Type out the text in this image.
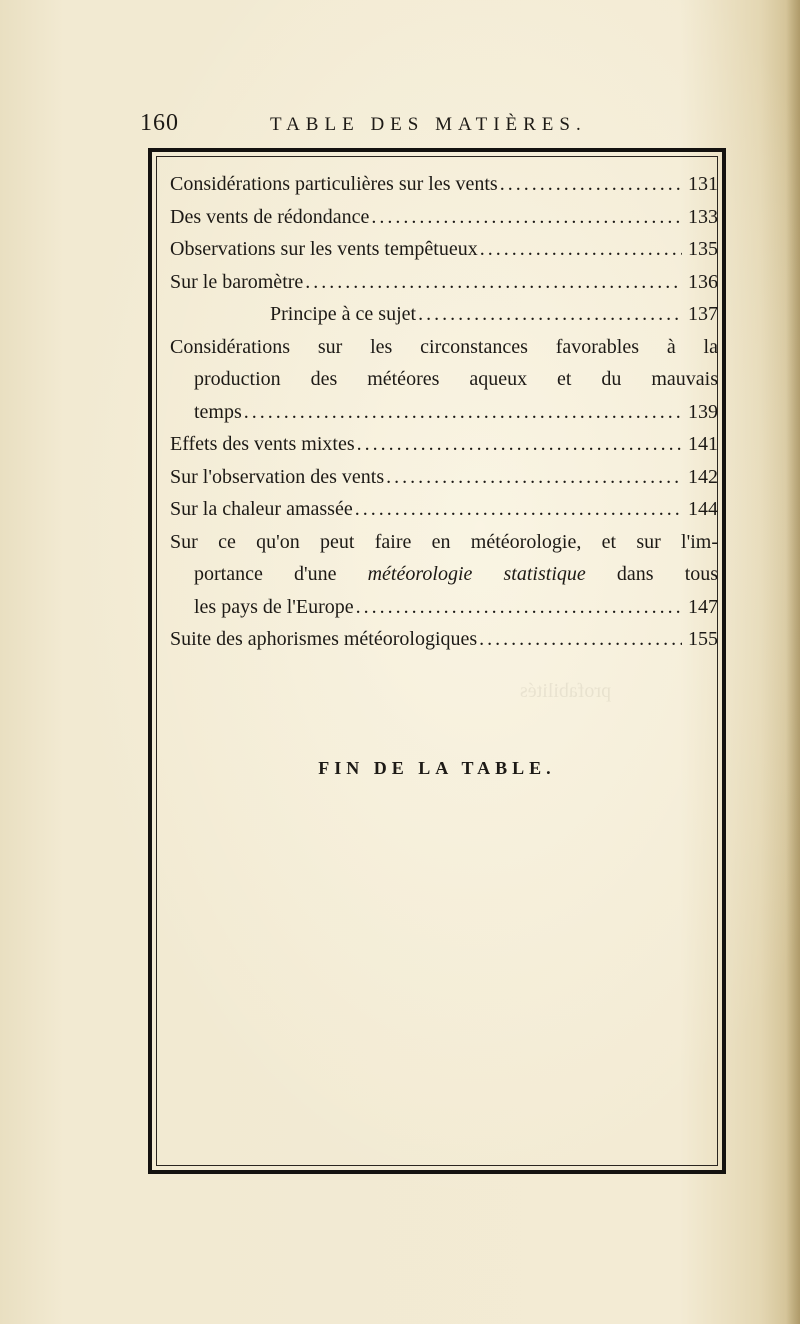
profabilités
160	TABLE DES MATIÈRES.
Considérations particulières sur les vents . . .	131
Des vents de rédondance . . .	133
Observations sur les vents tempêtueux . . .	135
Sur le baromètre . . .	136
Principe à ce sujet . . .	137
Considérations sur les circonstances favorables à la
production des météores aqueux et du mauvais
temps . . .	139
Effets des vents mixtes . . .	141
Sur l'observation des vents . . .	142
Sur la chaleur amassée . . .	144
Sur ce qu'on peut faire en météorologie, et sur l'im-
portance d'une météorologie statistique dans tous
les pays de l'Europe . . .	147
Suite des aphorismes météorologiques . . .	155
FIN DE LA TABLE.
